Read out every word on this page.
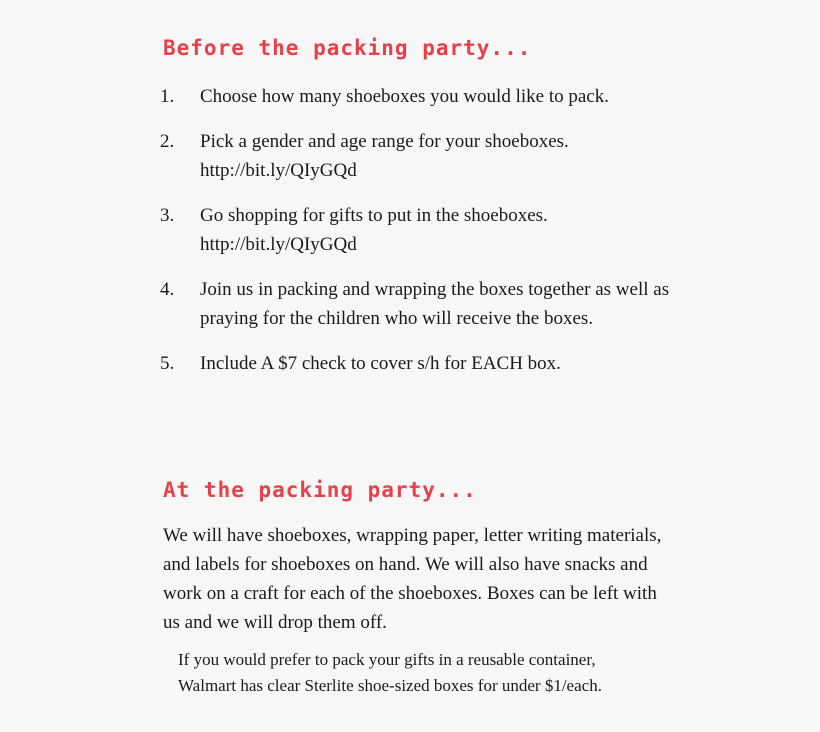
Before the packing party...
1.	Choose how many shoeboxes you would like to pack.
2.	Pick a gender and age range for your shoeboxes.
http://bit.ly/QIyGQd
3.	Go shopping for gifts to put in the shoeboxes.
http://bit.ly/QIyGQd
4.	Join us in packing and wrapping the boxes together as well as praying for the children who will receive the boxes.
5.	Include A $7 check to cover s/h for EACH box.
At the packing party...

We will have shoeboxes, wrapping paper, letter writing materials, and labels for shoeboxes on hand. We will also have snacks and work on a craft for each of the shoeboxes. Boxes can be left with us and we will drop them off.

If you would prefer to pack your gifts in a reusable container,
Walmart has clear Sterlite shoe-sized boxes for under $1/each.
